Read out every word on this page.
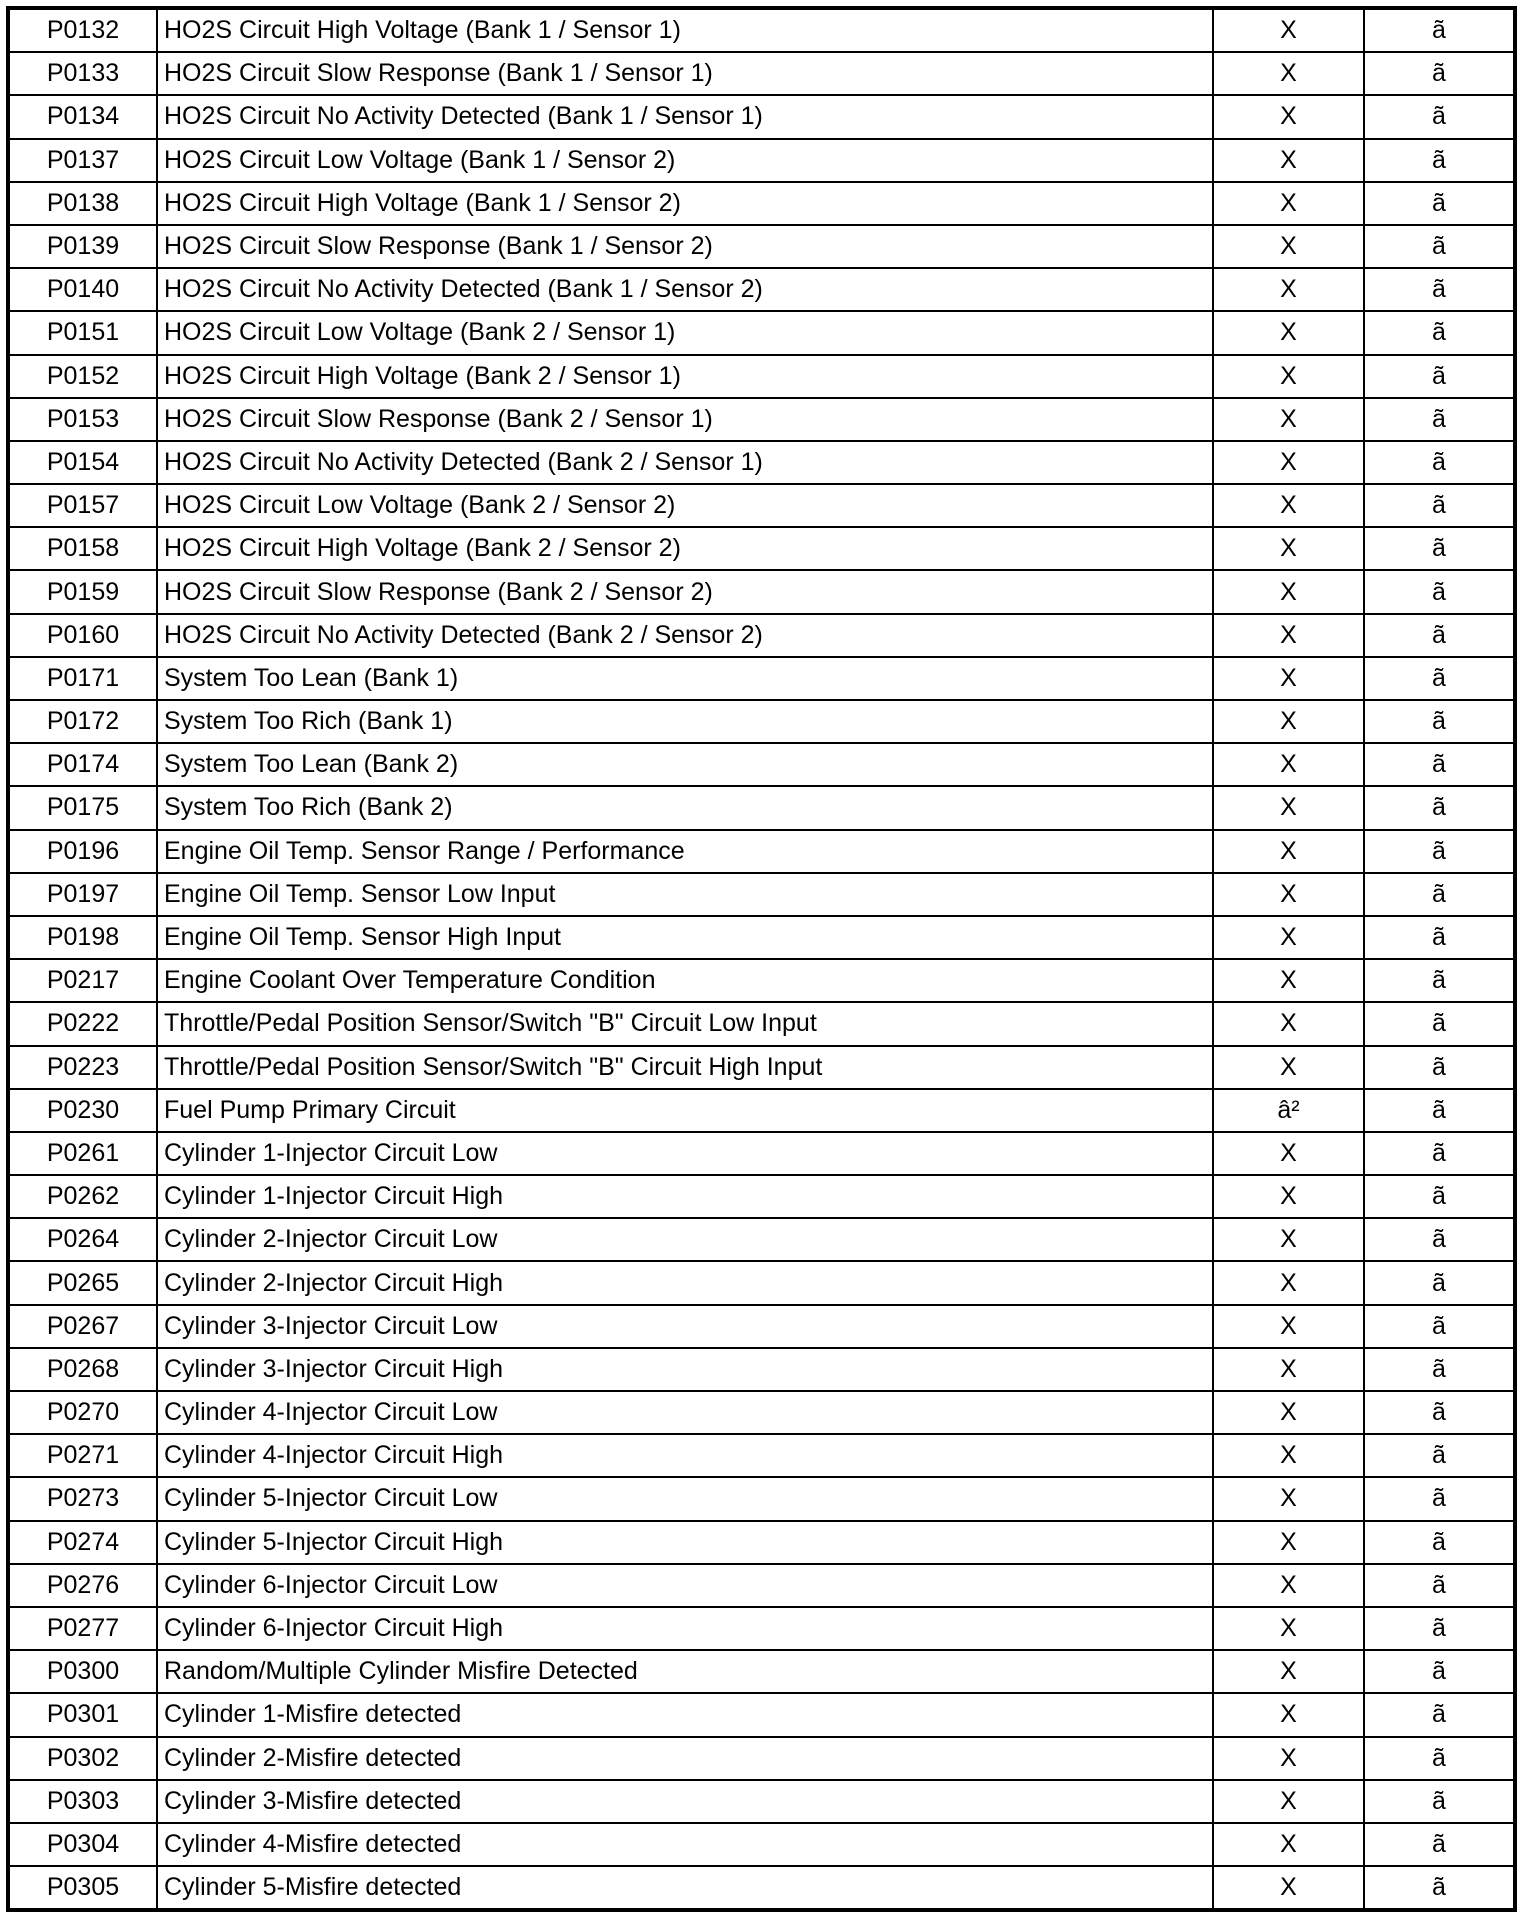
P0132	HO2S Circuit High Voltage (Bank 1 / Sensor 1)	X	ã
P0133	HO2S Circuit Slow Response (Bank 1 / Sensor 1)	X	ã
P0134	HO2S Circuit No Activity Detected (Bank 1 / Sensor 1)	X	ã
P0137	HO2S Circuit Low Voltage (Bank 1 / Sensor 2)	X	ã
P0138	HO2S Circuit High Voltage (Bank 1 / Sensor 2)	X	ã
P0139	HO2S Circuit Slow Response (Bank 1 / Sensor 2)	X	ã
P0140	HO2S Circuit No Activity Detected (Bank 1 / Sensor 2)	X	ã
P0151	HO2S Circuit Low Voltage (Bank 2 / Sensor 1)	X	ã
P0152	HO2S Circuit High Voltage (Bank 2 / Sensor 1)	X	ã
P0153	HO2S Circuit Slow Response (Bank 2 / Sensor 1)	X	ã
P0154	HO2S Circuit No Activity Detected (Bank 2 / Sensor 1)	X	ã
P0157	HO2S Circuit Low Voltage (Bank 2 / Sensor 2)	X	ã
P0158	HO2S Circuit High Voltage (Bank 2 / Sensor 2)	X	ã
P0159	HO2S Circuit Slow Response (Bank 2 / Sensor 2)	X	ã
P0160	HO2S Circuit No Activity Detected (Bank 2 / Sensor 2)	X	ã
P0171	System Too Lean (Bank 1)	X	ã
P0172	System Too Rich (Bank 1)	X	ã
P0174	System Too Lean (Bank 2)	X	ã
P0175	System Too Rich (Bank 2)	X	ã
P0196	Engine Oil Temp. Sensor Range / Performance	X	ã
P0197	Engine Oil Temp. Sensor Low Input	X	ã
P0198	Engine Oil Temp. Sensor High Input	X	ã
P0217	Engine Coolant Over Temperature Condition	X	ã
P0222	Throttle/Pedal Position Sensor/Switch "B" Circuit Low Input	X	ã
P0223	Throttle/Pedal Position Sensor/Switch "B" Circuit High Input	X	ã
P0230	Fuel Pump Primary Circuit	â²	ã
P0261	Cylinder 1-Injector Circuit Low	X	ã
P0262	Cylinder 1-Injector Circuit High	X	ã
P0264	Cylinder 2-Injector Circuit Low	X	ã
P0265	Cylinder 2-Injector Circuit High	X	ã
P0267	Cylinder 3-Injector Circuit Low	X	ã
P0268	Cylinder 3-Injector Circuit High	X	ã
P0270	Cylinder 4-Injector Circuit Low	X	ã
P0271	Cylinder 4-Injector Circuit High	X	ã
P0273	Cylinder 5-Injector Circuit Low	X	ã
P0274	Cylinder 5-Injector Circuit High	X	ã
P0276	Cylinder 6-Injector Circuit Low	X	ã
P0277	Cylinder 6-Injector Circuit High	X	ã
P0300	Random/Multiple Cylinder Misfire Detected	X	ã
P0301	Cylinder 1-Misfire detected	X	ã
P0302	Cylinder 2-Misfire detected	X	ã
P0303	Cylinder 3-Misfire detected	X	ã
P0304	Cylinder 4-Misfire detected	X	ã
P0305	Cylinder 5-Misfire detected	X	ã
